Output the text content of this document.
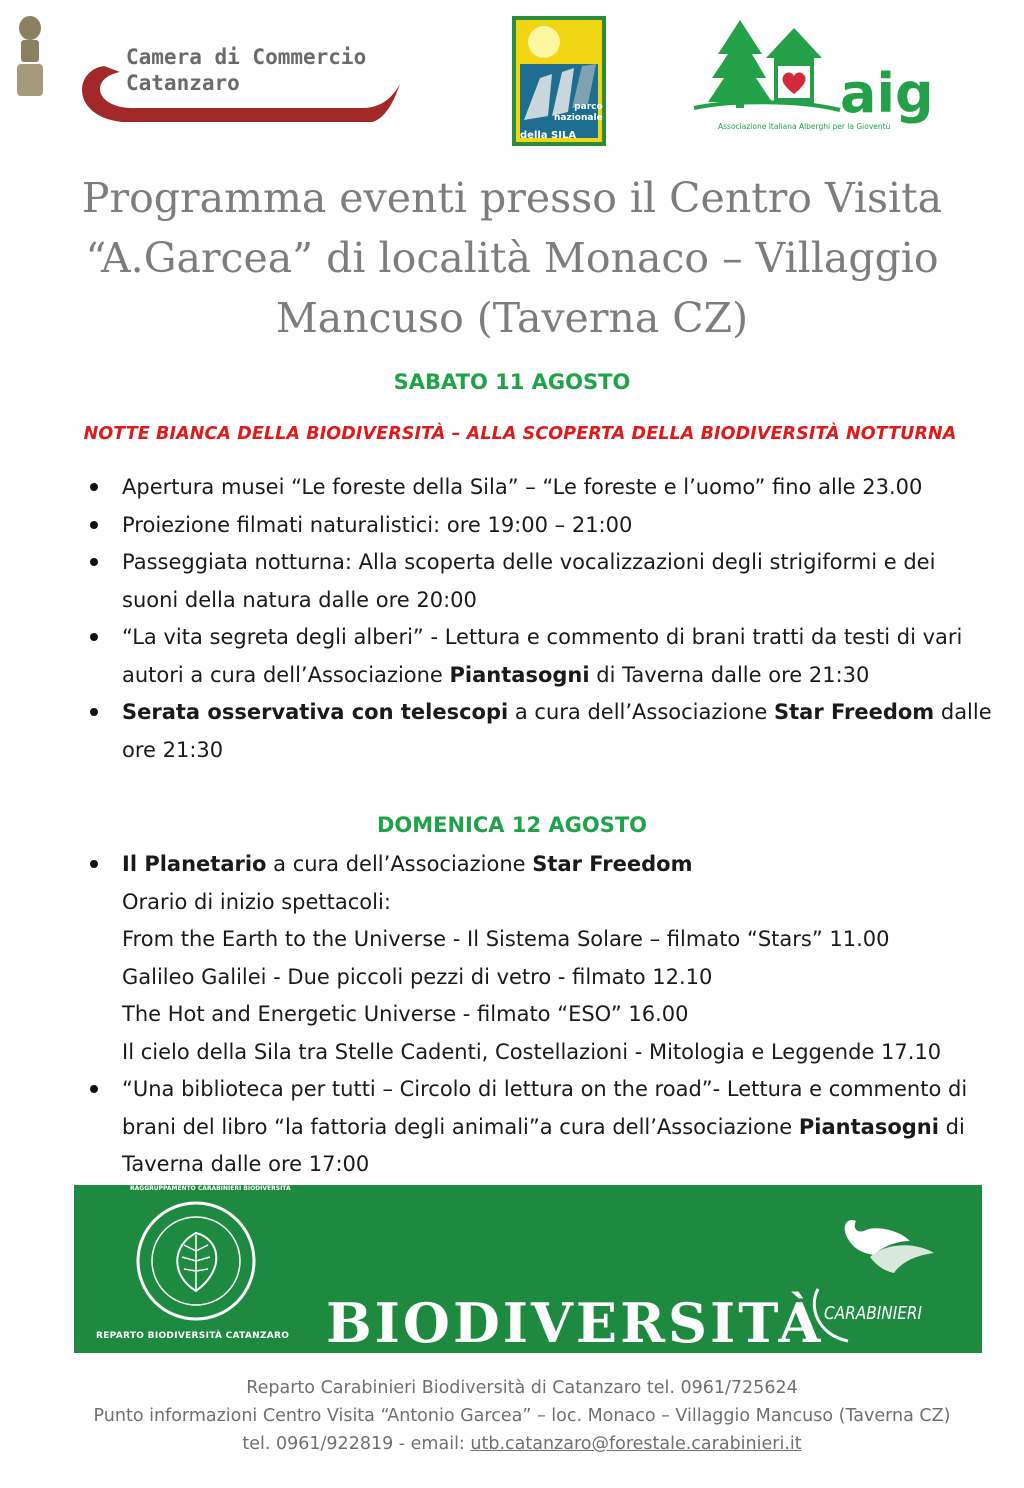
Camera di Commercio
Catanzaro
parco
nazionale
della SILA
aig
Associazione Italiana Alberghi per la Gioventù
Programma eventi presso il Centro Visita
“A.Garcea” di località Monaco – Villaggio
Mancuso (Taverna CZ)
SABATO 11 AGOSTO
NOTTE BIANCA DELLA BIODIVERSITÀ – ALLA SCOPERTA DELLA BIODIVERSITÀ NOTTURNA
Apertura musei “Le foreste della Sila” – “Le foreste e l’uomo” fino alle 23.00
Proiezione filmati naturalistici: ore 19:00 – 21:00
Passeggiata notturna: Alla scoperta delle vocalizzazioni degli strigiformi e dei suoni della natura dalle ore 20:00
“La vita segreta degli alberi” - Lettura e commento di brani tratti da testi di vari autori a cura dell’Associazione Piantasogni di Taverna dalle ore 21:30
Serata osservativa con telescopi a cura dell’Associazione Star Freedom dalle ore 21:30
DOMENICA 12 AGOSTO
Il Planetario a cura dell’Associazione Star Freedom
Orario di inizio spettacoli:
From the Earth to the Universe - Il Sistema Solare – filmato “Stars” 11.00
Galileo Galilei - Due piccoli pezzi di vetro - filmato 12.10
The Hot and Energetic Universe - filmato “ESO” 16.00
Il cielo della Sila tra Stelle Cadenti, Costellazioni - Mitologia e Leggende 17.10
“Una biblioteca per tutti – Circolo di lettura on the road”- Lettura e commento di brani del libro “la fattoria degli animali”a cura dell’Associazione Piantasogni di Taverna dalle ore 17:00
RAGGRUPPAMENTO CARABINIERI BIODIVERSITÀ
REPARTO BIODIVERSITÀ CATANZARO BIODIVERSITÀ CARABINIERI
Reparto Carabinieri Biodiversità di Catanzaro tel. 0961/725624
Punto informazioni Centro Visita “Antonio Garcea” – loc. Monaco – Villaggio Mancuso (Taverna CZ)
tel. 0961/922819 - email: utb.catanzaro@forestale.carabinieri.it
